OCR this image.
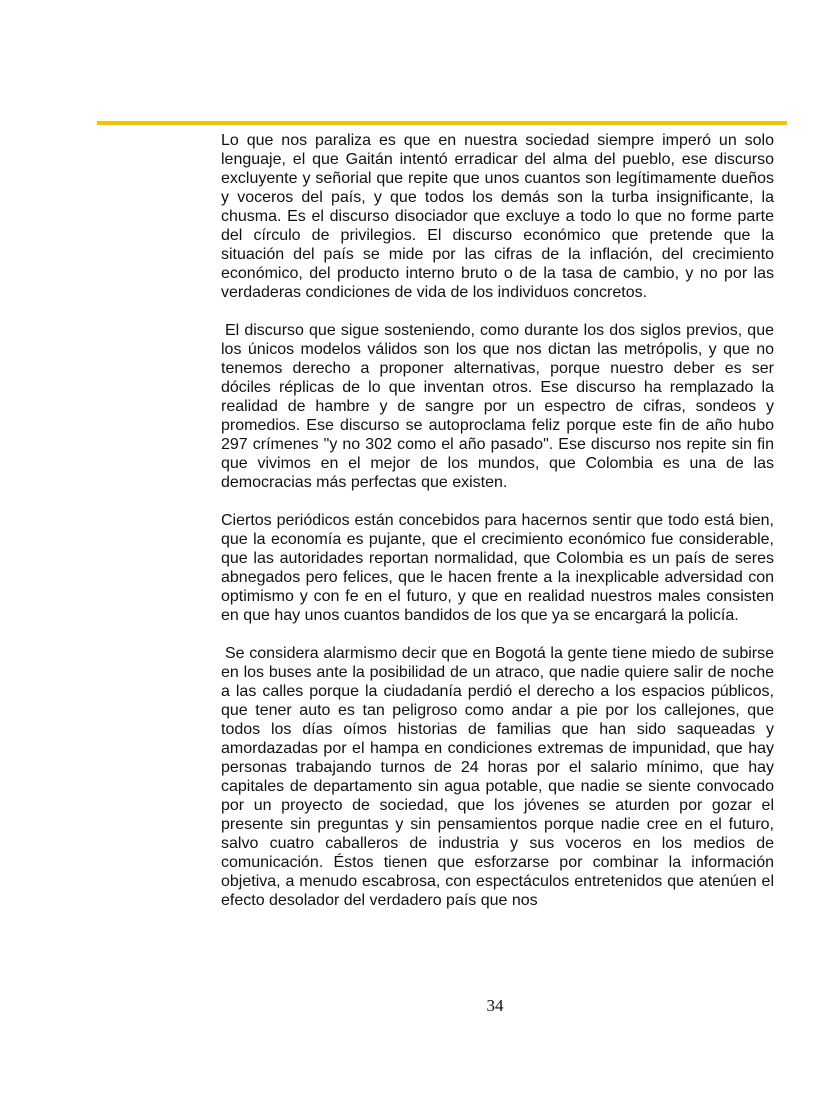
Lo que nos paraliza es que en nuestra sociedad siempre imperó un solo lenguaje, el que Gaitán intentó erradicar del alma del pueblo, ese discurso excluyente y señorial que repite que unos cuantos son legítimamente dueños y voceros del país, y que todos los demás son la turba insignificante, la chusma. Es el discurso disociador que excluye a todo lo que no forme parte del círculo de privilegios. El discurso económico que pretende que la situación del país se mide por las cifras de la inflación, del crecimiento económico, del producto interno bruto o de la tasa de cambio, y no por las verdaderas condiciones de vida de los individuos concretos.

El discurso que sigue sosteniendo, como durante los dos siglos previos, que los únicos modelos válidos son los que nos dictan las metrópolis, y que no tenemos derecho a proponer alternativas, porque nuestro deber es ser dóciles réplicas de lo que inventan otros. Ese discurso ha remplazado la realidad de hambre y de sangre por un espectro de cifras, sondeos y promedios. Ese discurso se autoproclama feliz porque este fin de año hubo 297 crímenes "y no 302 como el año pasado". Ese discurso nos repite sin fin que vivimos en el mejor de los mundos, que Colombia es una de las democracias más perfectas que existen.

Ciertos periódicos están concebidos para hacernos sentir que todo está bien, que la economía es pujante, que el crecimiento económico fue considerable, que las autoridades reportan normalidad, que Colombia es un país de seres abnegados pero felices, que le hacen frente a la inexplicable adversidad con optimismo y con fe en el futuro, y que en realidad nuestros males consisten en que hay unos cuantos bandidos de los que ya se encargará la policía.

Se considera alarmismo decir que en Bogotá la gente tiene miedo de subirse en los buses ante la posibilidad de un atraco, que nadie quiere salir de noche a las calles porque la ciudadanía perdió el derecho a los espacios públicos, que tener auto es tan peligroso como andar a pie por los callejones, que todos los días oímos historias de familias que han sido saqueadas y amordazadas por el hampa en condiciones extremas de impunidad, que hay personas trabajando turnos de 24 horas por el salario mínimo, que hay capitales de departamento sin agua potable, que nadie se siente convocado por un proyecto de sociedad, que los jóvenes se aturden por gozar el presente sin preguntas y sin pensamientos porque nadie cree en el futuro, salvo cuatro caballeros de industria y sus voceros en los medios de comunicación. Éstos tienen que esforzarse por combinar la información objetiva, a menudo escabrosa, con espectáculos entretenidos que atenúen el efecto desolador del verdadero país que nos

34
